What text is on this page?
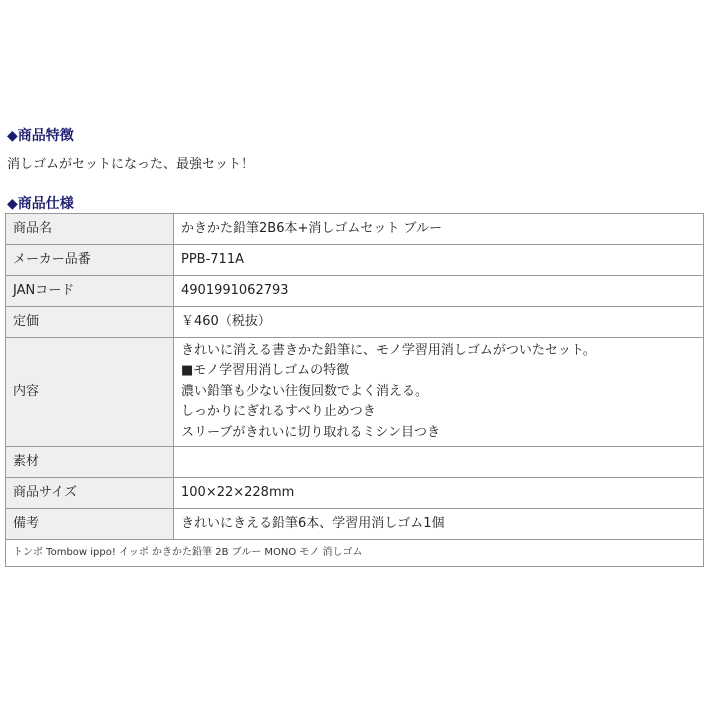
◆商品特徴
消しゴムがセットになった、最強セット！
◆商品仕様
商品名	かきかた鉛筆2B6本+消しゴムセット ブルー
メーカー品番	PPB-711A
JANコード	4901991062793
定価	￥460（税抜）
内容	きれいに消える書きかた鉛筆に、モノ学習用消しゴムがついたセット。
■モノ学習用消しゴムの特徴
濃い鉛筆も少ない往復回数でよく消える。
しっかりにぎれるすべり止めつき
スリーブがきれいに切り取れるミシン目つき

素材	
商品サイズ	100×22×228mm
備考	きれいにきえる鉛筆6本、学習用消しゴム1個
トンボ Tombow ippo! イッポ かきかた鉛筆 2B ブルー MONO モノ 消しゴム	
